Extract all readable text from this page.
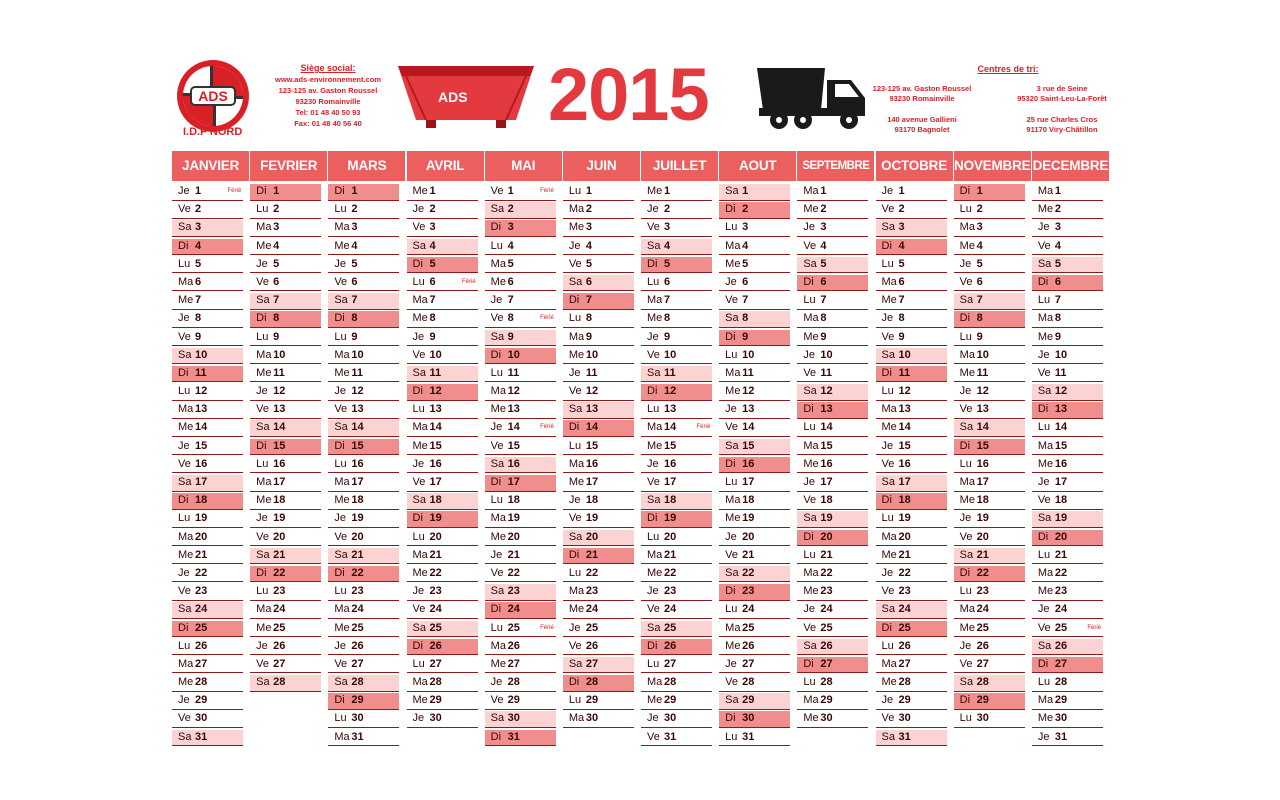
ADS
I.D.F NORD
Siège social:
www.ads-environnement.com
123-125 av. Gaston Roussel
93230 Romainville
Tel: 01 48 40 50 93
Fax: 01 48 40 56 40
ADS 2015	Centres de tri:
123-125 av. Gaston Roussel
93230 Romainville
3 rue de Seine
95320 Saint-Leu-La-Forêt
140 avenue Gallieni
93170 Bagnolet
25 rue Charles Cros
91170 Viry-Châtillon
JANVIER
Je 1	Férié
Ve 2
Sa 3
Di 4
Lu 5
Ma 6
Me 7
Je 8
Ve 9
Sa 10
Di 11
Lu 12
Ma 13
Me 14
Je 15
Ve 16
Sa 17
Di 18
Lu 19
Ma 20
Me 21
Je 22
Ve 23
Sa 24
Di 25
Lu 26
Ma 27
Me 28
Je 29
Ve 30
Sa 31
FEVRIER
Di 1
Lu 2
Ma 3
Me 4
Je 5
Ve 6
Sa 7
Di 8
Lu 9
Ma 10
Me 11
Je 12
Ve 13
Sa 14
Di 15
Lu 16
Ma 17
Me 18
Je 19
Ve 20
Sa 21
Di 22
Lu 23
Ma 24
Me 25
Je 26
Ve 27
Sa 28
MARS
Di 1
Lu 2
Ma 3
Me 4
Je 5
Ve 6
Sa 7
Di 8
Lu 9
Ma 10
Me 11
Je 12
Ve 13
Sa 14
Di 15
Lu 16
Ma 17
Me 18
Je 19
Ve 20
Sa 21
Di 22
Lu 23
Ma 24
Me 25
Je 26
Ve 27
Sa 28
Di 29
Lu 30
Ma 31
AVRIL
Me 1
Je 2
Ve 3
Sa 4
Di 5
Lu 6	Férié
Ma 7
Me 8
Je 9
Ve 10
Sa 11
Di 12
Lu 13
Ma 14
Me 15
Je 16
Ve 17
Sa 18
Di 19
Lu 20
Ma 21
Me 22
Je 23
Ve 24
Sa 25
Di 26
Lu 27
Ma 28
Me 29
Je 30
MAI
Ve 1	Férié
Sa 2
Di 3
Lu 4
Ma 5
Me 6
Je 7
Ve 8	Férié
Sa 9
Di 10
Lu 11
Ma 12
Me 13
Je 14	Férié
Ve 15
Sa 16
Di 17
Lu 18
Ma 19
Me 20
Je 21
Ve 22
Sa 23
Di 24
Lu 25	Férié
Ma 26
Me 27
Je 28
Ve 29
Sa 30
Di 31
JUIN
Lu 1
Ma 2
Me 3
Je 4
Ve 5
Sa 6
Di 7
Lu 8
Ma 9
Me 10
Je 11
Ve 12
Sa 13
Di 14
Lu 15
Ma 16
Me 17
Je 18
Ve 19
Sa 20
Di 21
Lu 22
Ma 23
Me 24
Je 25
Ve 26
Sa 27
Di 28
Lu 29
Ma 30
JUILLET
Me 1
Je 2
Ve 3
Sa 4
Di 5
Lu 6
Ma 7
Me 8
Je 9
Ve 10
Sa 11
Di 12
Lu 13
Ma 14	Férié
Me 15
Je 16
Ve 17
Sa 18
Di 19
Lu 20
Ma 21
Me 22
Je 23
Ve 24
Sa 25
Di 26
Lu 27
Ma 28
Me 29
Je 30
Ve 31
AOUT
Sa 1
Di 2
Lu 3
Ma 4
Me 5
Je 6
Ve 7
Sa 8
Di 9
Lu 10
Ma 11
Me 12
Je 13
Ve 14
Sa 15
Di 16
Lu 17
Ma 18
Me 19
Je 20
Ve 21
Sa 22
Di 23
Lu 24
Ma 25
Me 26
Je 27
Ve 28
Sa 29
Di 30
Lu 31
SEPTEMBRE
Ma 1
Me 2
Je 3
Ve 4
Sa 5
Di 6
Lu 7
Ma 8
Me 9
Je 10
Ve 11
Sa 12
Di 13
Lu 14
Ma 15
Me 16
Je 17
Ve 18
Sa 19
Di 20
Lu 21
Ma 22
Me 23
Je 24
Ve 25
Sa 26
Di 27
Lu 28
Ma 29
Me 30
OCTOBRE
Je 1
Ve 2
Sa 3
Di 4
Lu 5
Ma 6
Me 7
Je 8
Ve 9
Sa 10
Di 11
Lu 12
Ma 13
Me 14
Je 15
Ve 16
Sa 17
Di 18
Lu 19
Ma 20
Me 21
Je 22
Ve 23
Sa 24
Di 25
Lu 26
Ma 27
Me 28
Je 29
Ve 30
Sa 31
NOVEMBRE
Di 1
Lu 2
Ma 3
Me 4
Je 5
Ve 6
Sa 7
Di 8
Lu 9
Ma 10
Me 11
Je 12
Ve 13
Sa 14
Di 15
Lu 16
Ma 17
Me 18
Je 19
Ve 20
Sa 21
Di 22
Lu 23
Ma 24
Me 25
Je 26
Ve 27
Sa 28
Di 29
Lu 30
DECEMBRE
Ma 1
Me 2
Je 3
Ve 4
Sa 5
Di 6
Lu 7
Ma 8
Me 9
Je 10
Ve 11
Sa 12
Di 13
Lu 14
Ma 15
Me 16
Je 17
Ve 18
Sa 19
Di 20
Lu 21
Ma 22
Me 23
Je 24
Ve 25	Férié
Sa 26
Di 27
Lu 28
Ma 29
Me 30
Je 31
